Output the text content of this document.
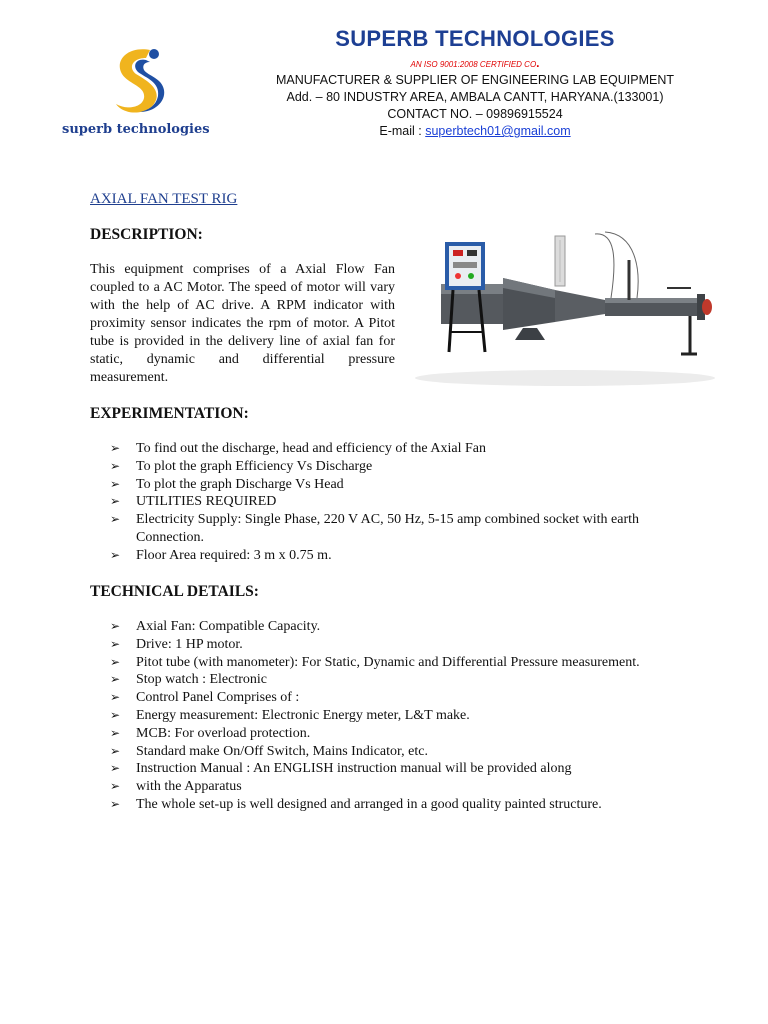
superb technologies
SUPERB TECHNOLOGIES
AN ISO 9001:2008 CERTIFIED CO.
MANUFACTURER & SUPPLIER OF ENGINEERING LAB EQUIPMENT
Add. – 80 INDUSTRY AREA, AMBALA CANTT, HARYANA.(133001)
CONTACT NO. – 09896915524
E-mail : superbtech01@gmail.com
AXIAL FAN TEST RIG
DESCRIPTION:
This equipment comprises of a Axial Flow Fan coupled to a AC Motor. The speed of motor will vary with the help of AC drive. A RPM indicator with proximity sensor indicates the rpm of motor. A Pitot tube is provided in the delivery line of axial fan for static, dynamic and differential pressure measurement.
EXPERIMENTATION:
➢	To find out the discharge, head and efficiency of the Axial Fan
➢	To plot the graph Efficiency Vs Discharge
➢	To plot the graph Discharge Vs Head
➢	UTILITIES REQUIRED
➢	Electricity Supply: Single Phase, 220 V AC, 50 Hz, 5-15 amp combined socket with earth Connection.
➢	Floor Area required: 3 m x 0.75 m.
TECHNICAL DETAILS:
➢	Axial Fan: Compatible Capacity.
➢	Drive: 1 HP motor.
➢	Pitot tube (with manometer): For Static, Dynamic and Differential Pressure measurement.
➢	Stop watch : Electronic
➢	Control Panel Comprises of :
➢	Energy measurement: Electronic Energy meter, L&T make.
➢	MCB: For overload protection.
➢	Standard make On/Off Switch, Mains Indicator, etc.
➢	Instruction Manual : An ENGLISH instruction manual will be provided along
➢	with the Apparatus
➢	The whole set-up is well designed and arranged in a good quality painted structure.
